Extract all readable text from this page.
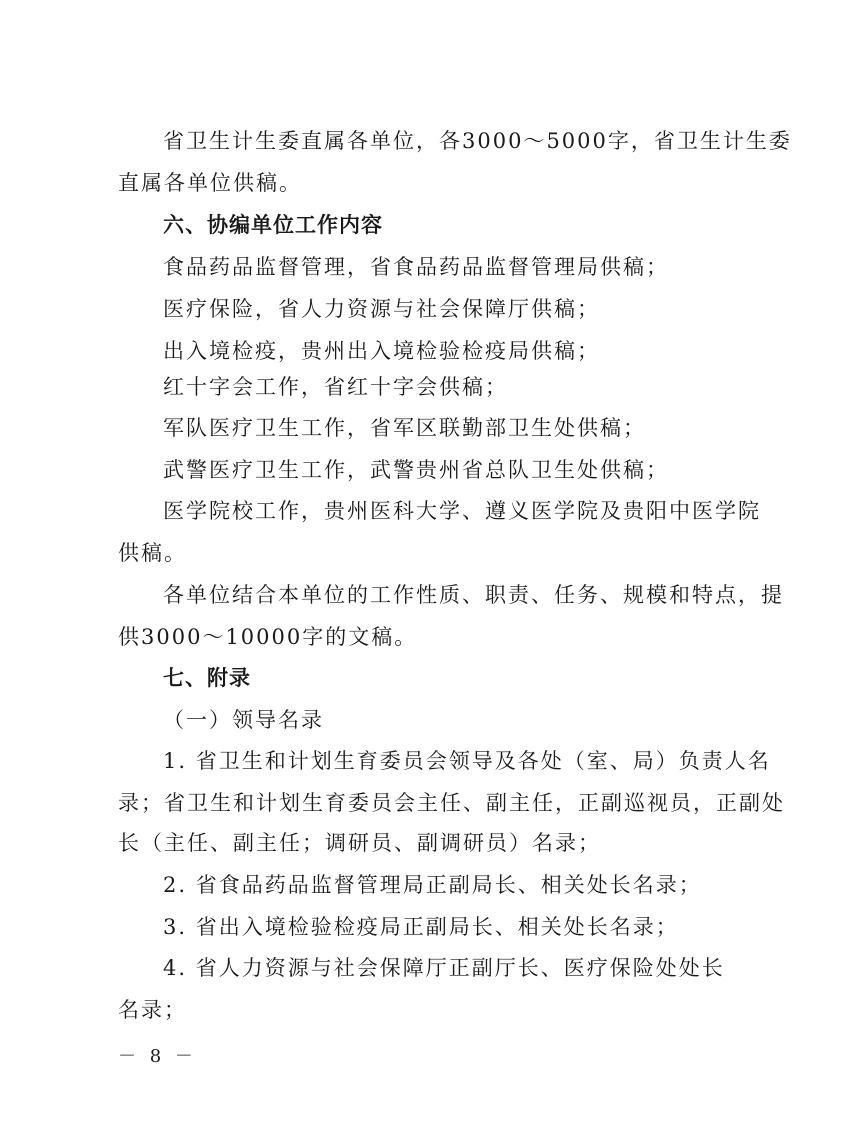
省卫生计生委直属各单位，各3000～5000字，省卫生计生委
直属各单位供稿。
六、协编单位工作内容
食品药品监督管理，省食品药品监督管理局供稿；
医疗保险，省人力资源与社会保障厅供稿；
出入境检疫，贵州出入境检验检疫局供稿；
红十字会工作，省红十字会供稿；
军队医疗卫生工作，省军区联勤部卫生处供稿；
武警医疗卫生工作，武警贵州省总队卫生处供稿；
医学院校工作，贵州医科大学、遵义医学院及贵阳中医学院
供稿。
各单位结合本单位的工作性质、职责、任务、规模和特点，提
供3000～10000字的文稿。
七、附录
（一）领导名录
1. 省卫生和计划生育委员会领导及各处（室、局）负责人名
录；省卫生和计划生育委员会主任、副主任，正副巡视员，正副处
长（主任、副主任；调研员、副调研员）名录；
2. 省食品药品监督管理局正副局长、相关处长名录；
3. 省出入境检验检疫局正副局长、相关处长名录；
4. 省人力资源与社会保障厅正副厅长、医疗保险处处长
名录；
－ 8 －
